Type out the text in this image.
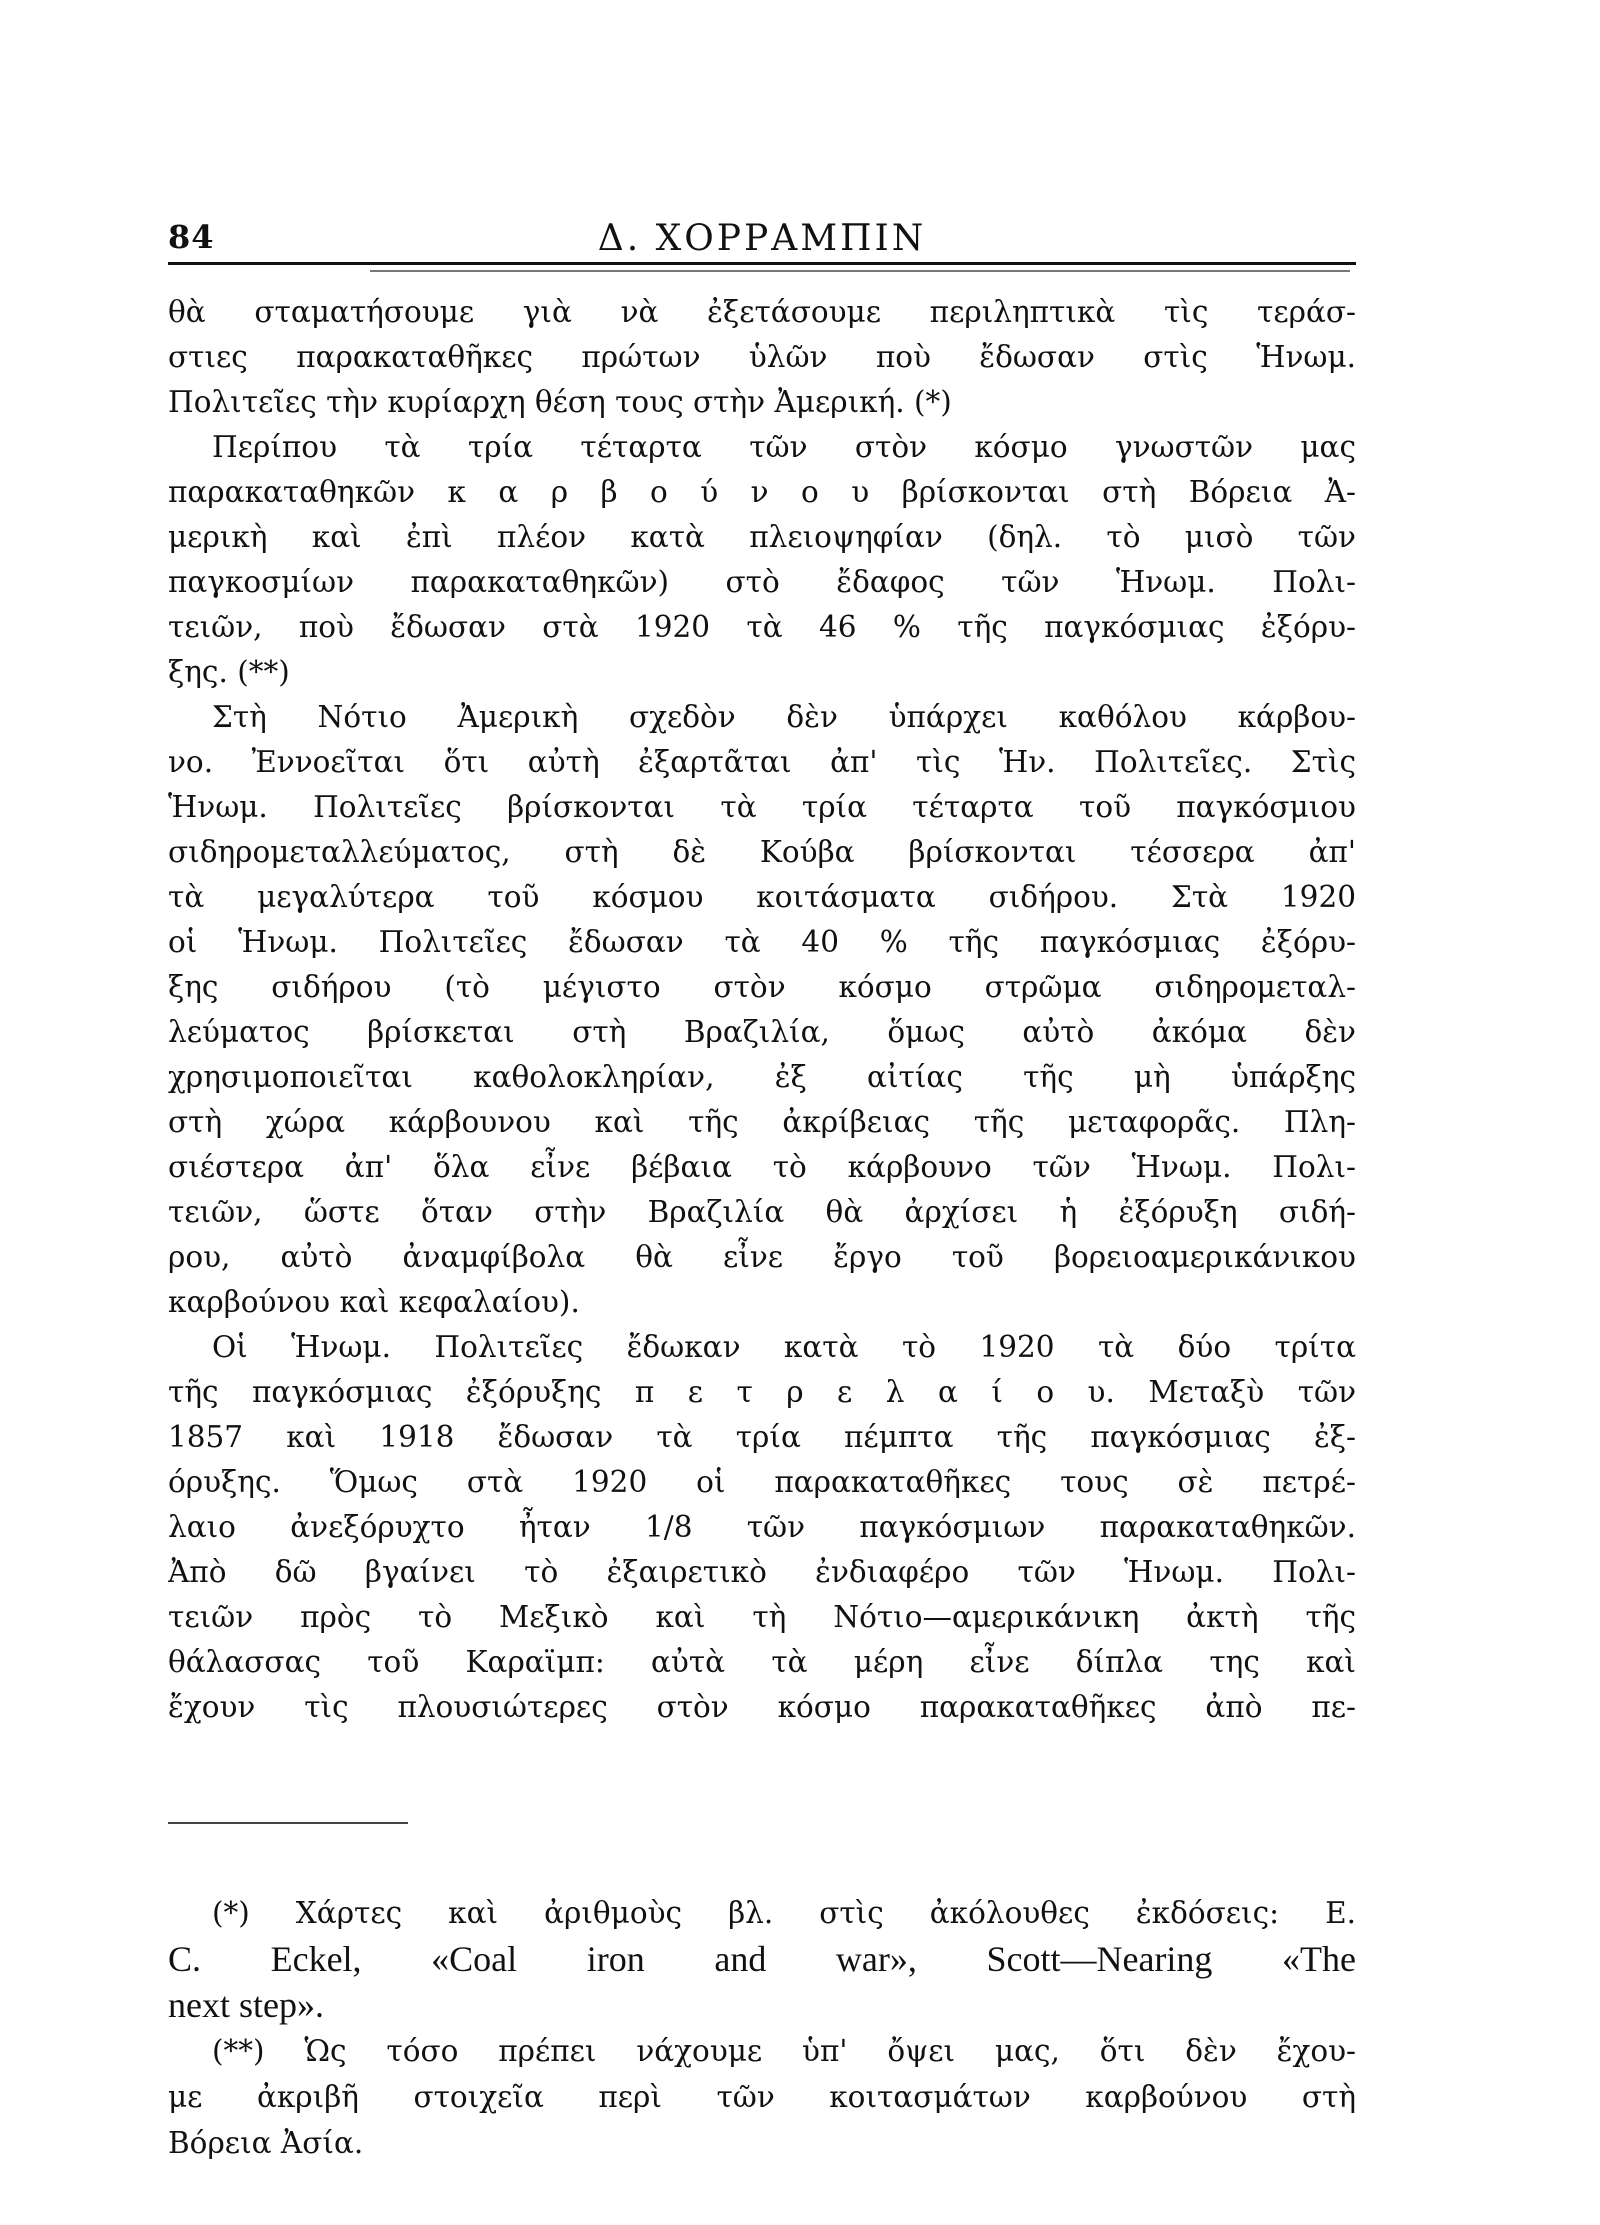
84	Δ. ΧΟΡΡΑΜΠΙΝ
θὰ σταματήσουμε γιὰ νὰ ἐξετάσουμε περιληπτικὰ τὶς τεράσ-
στιες παρακαταθῆκες πρώτων ὑλῶν ποὺ ἔδωσαν στὶς Ἡνωμ.
Πολιτεῖες τὴν κυρίαρχη θέση τους στὴν Ἀμερική. (*)
Περίπου τὰ τρία τέταρτα τῶν στὸν κόσμο γνωστῶν μας
παρακαταθηκῶν κ α ρ β ο ύ ν ο υ βρίσκονται στὴ Βόρεια Ἀ-
μερικὴ καὶ ἐπὶ πλέον κατὰ πλειοψηφίαν (δηλ. τὸ μισὸ τῶν
παγκοσμίων παρακαταθηκῶν) στὸ ἔδαφος τῶν Ἡνωμ. Πολι-
τειῶν, ποὺ ἔδωσαν στὰ 1920 τὰ 46 % τῆς παγκόσμιας ἐξόρυ-
ξης. (**)
Στὴ Νότιο Ἀμερικὴ σχεδὸν δὲν ὑπάρχει καθόλου κάρβου-
νο. Ἐννοεῖται ὅτι αὐτὴ ἐξαρτᾶται ἀπ' τὶς Ἡν. Πολιτεῖες. Στὶς
Ἡνωμ. Πολιτεῖες βρίσκονται τὰ τρία τέταρτα τοῦ παγκόσμιου
σιδηρομεταλλεύματος, στὴ δὲ Κούβα βρίσκονται τέσσερα ἀπ'
τὰ μεγαλύτερα τοῦ κόσμου κοιτάσματα σιδήρου. Στὰ 1920
οἱ Ἡνωμ. Πολιτεῖες ἔδωσαν τὰ 40 % τῆς παγκόσμιας ἐξόρυ-
ξης σιδήρου (τὸ μέγιστο στὸν κόσμο στρῶμα σιδηρομεταλ-
λεύματος βρίσκεται στὴ Βραζιλία, ὅμως αὐτὸ ἀκόμα δὲν
χρησιμοποιεῖται καθολοκληρίαν, ἐξ αἰτίας τῆς μὴ ὑπάρξης
στὴ χώρα κάρβουνου καὶ τῆς ἀκρίβειας τῆς μεταφορᾶς. Πλη-
σιέστερα ἀπ' ὅλα εἶνε βέβαια τὸ κάρβουνο τῶν Ἡνωμ. Πολι-
τειῶν, ὥστε ὅταν στὴν Βραζιλία θὰ ἀρχίσει ἡ ἐξόρυξη σιδή-
ρου, αὐτὸ ἀναμφίβολα θὰ εἶνε ἔργο τοῦ βορειοαμερικάνικου
καρβούνου καὶ κεφαλαίου).
Οἱ Ἡνωμ. Πολιτεῖες ἔδωκαν κατὰ τὸ 1920 τὰ δύο τρίτα
τῆς παγκόσμιας ἐξόρυξης π ε τ ρ ε λ α ί ο υ. Μεταξὺ τῶν
1857 καὶ 1918 ἔδωσαν τὰ τρία πέμπτα τῆς παγκόσμιας ἐξ-
όρυξης. Ὅμως στὰ 1920 οἱ παρακαταθῆκες τους σὲ πετρέ-
λαιο ἀνεξόρυχτο ἦταν 1/8 τῶν παγκόσμιων παρακαταθηκῶν.
Ἀπὸ δῶ βγαίνει τὸ ἐξαιρετικὸ ἐνδιαφέρο τῶν Ἡνωμ. Πολι-
τειῶν πρὸς τὸ Μεξικὸ καὶ τὴ Νότιο—αμερικάνικη ἀκτὴ τῆς
θάλασσας τοῦ Καραϊμπ: αὐτὰ τὰ μέρη εἶνε δίπλα της καὶ
ἔχουν τὶς πλουσιώτερες στὸν κόσμο παρακαταθῆκες ἀπὸ πε-
(*) Χάρτες καὶ ἀριθμοὺς βλ. στὶς ἀκόλουθες ἐκδόσεις: E.
C. Eckel, «Coal iron and war», Scott—Nearing «The
next step».
(**) Ὡς τόσο πρέπει νάχουμε ὑπ' ὄψει μας, ὅτι δὲν ἔχου-
με ἀκριβῆ στοιχεῖα περὶ τῶν κοιτασμάτων καρβούνου στὴ
Βόρεια Ἀσία.
